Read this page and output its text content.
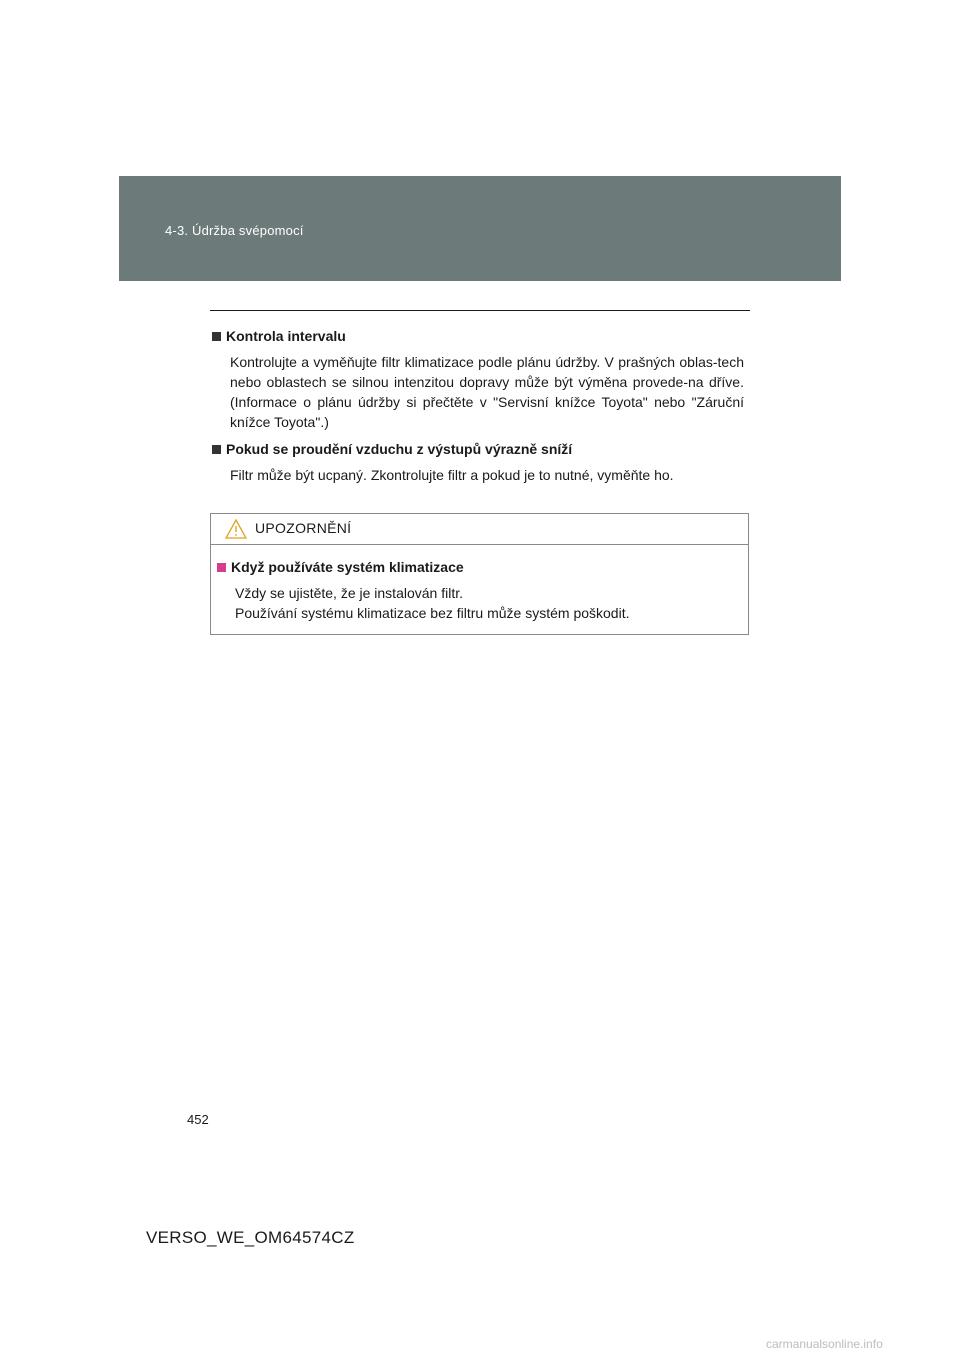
4-3. Údržba svépomocí
Kontrola intervalu

Kontrolujte a vyměňujte filtr klimatizace podle plánu údržby. V prašných oblas-tech nebo oblastech se silnou intenzitou dopravy může být výměna provede-na dříve. (Informace o plánu údržby si přečtěte v "Servisní knížce Toyota" nebo "Záruční knížce Toyota".)

Pokud se proudění vzduchu z výstupů výrazně sníží

Filtr může být ucpaný. Zkontrolujte filtr a pokud je to nutné, vyměňte ho.

UPOZORNĚNÍ
Když používáte systém klimatizace

Vždy se ujistěte, že je instalován filtr.

Používání systému klimatizace bez filtru může systém poškodit.

452
VERSO_WE_OM64574CZ
carmanualsonline.info
